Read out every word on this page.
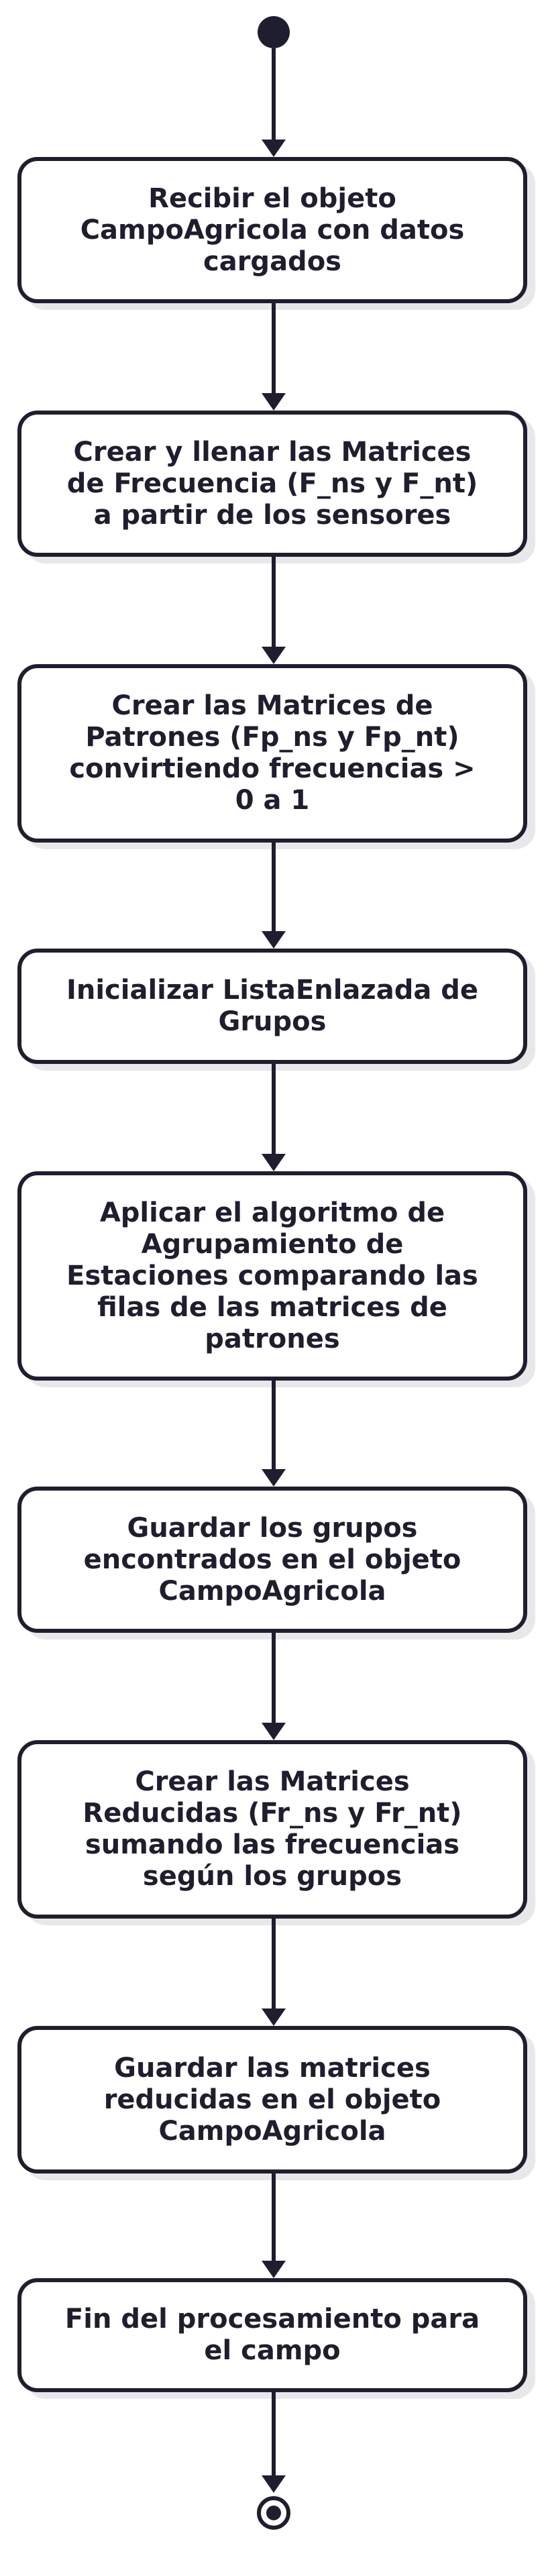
Recibir el objeto
CampoAgricola con datos
cargados
Crear y llenar las Matrices
de Frecuencia (F_ns y F_nt)
a partir de los sensores
Crear las Matrices de
Patrones (Fp_ns y Fp_nt)
convirtiendo frecuencias >
0 a 1
Inicializar ListaEnlazada de
Grupos
Aplicar el algoritmo de
Agrupamiento de
Estaciones comparando las
filas de las matrices de
patrones
Guardar los grupos
encontrados en el objeto
CampoAgricola
Crear las Matrices
Reducidas (Fr_ns y Fr_nt)
sumando las frecuencias
según los grupos
Guardar las matrices
reducidas en el objeto
CampoAgricola
Fin del procesamiento para
el campo
